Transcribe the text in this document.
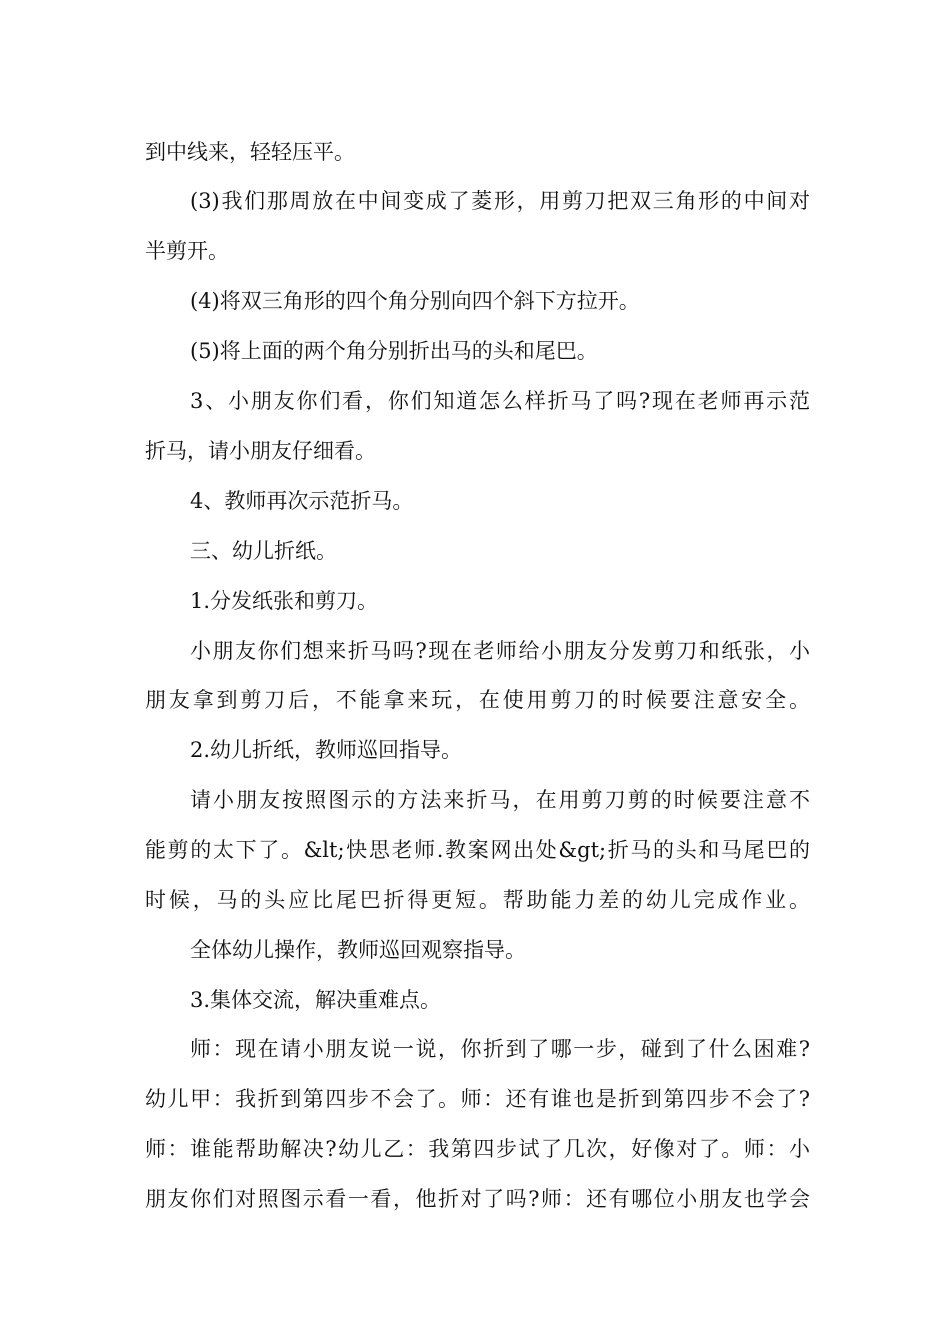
到中线来，轻轻压平。
(3)我们那周放在中间变成了菱形，用剪刀把双三角形的中间对
半剪开。
(4)将双三角形的四个角分别向四个斜下方拉开。
(5)将上面的两个角分别折出马的头和尾巴。
3、小朋友你们看，你们知道怎么样折马了吗?现在老师再示范
折马，请小朋友仔细看。
4、教师再次示范折马。
三、幼儿折纸。
1.分发纸张和剪刀。
小朋友你们想来折马吗?现在老师给小朋友分发剪刀和纸张，小
朋友拿到剪刀后，不能拿来玩，在使用剪刀的时候要注意安全。
2.幼儿折纸，教师巡回指导。
请小朋友按照图示的方法来折马，在用剪刀剪的时候要注意不
能剪的太下了。&lt;快思老师.教案网出处&gt;折马的头和马尾巴的
时候，马的头应比尾巴折得更短。帮助能力差的幼儿完成作业。
全体幼儿操作，教师巡回观察指导。
3.集体交流，解决重难点。
师：现在请小朋友说一说，你折到了哪一步，碰到了什么困难?
幼儿甲：我折到第四步不会了。师：还有谁也是折到第四步不会了?
师：谁能帮助解决?幼儿乙：我第四步试了几次，好像对了。师：小
朋友你们对照图示看一看，他折对了吗?师：还有哪位小朋友也学会
